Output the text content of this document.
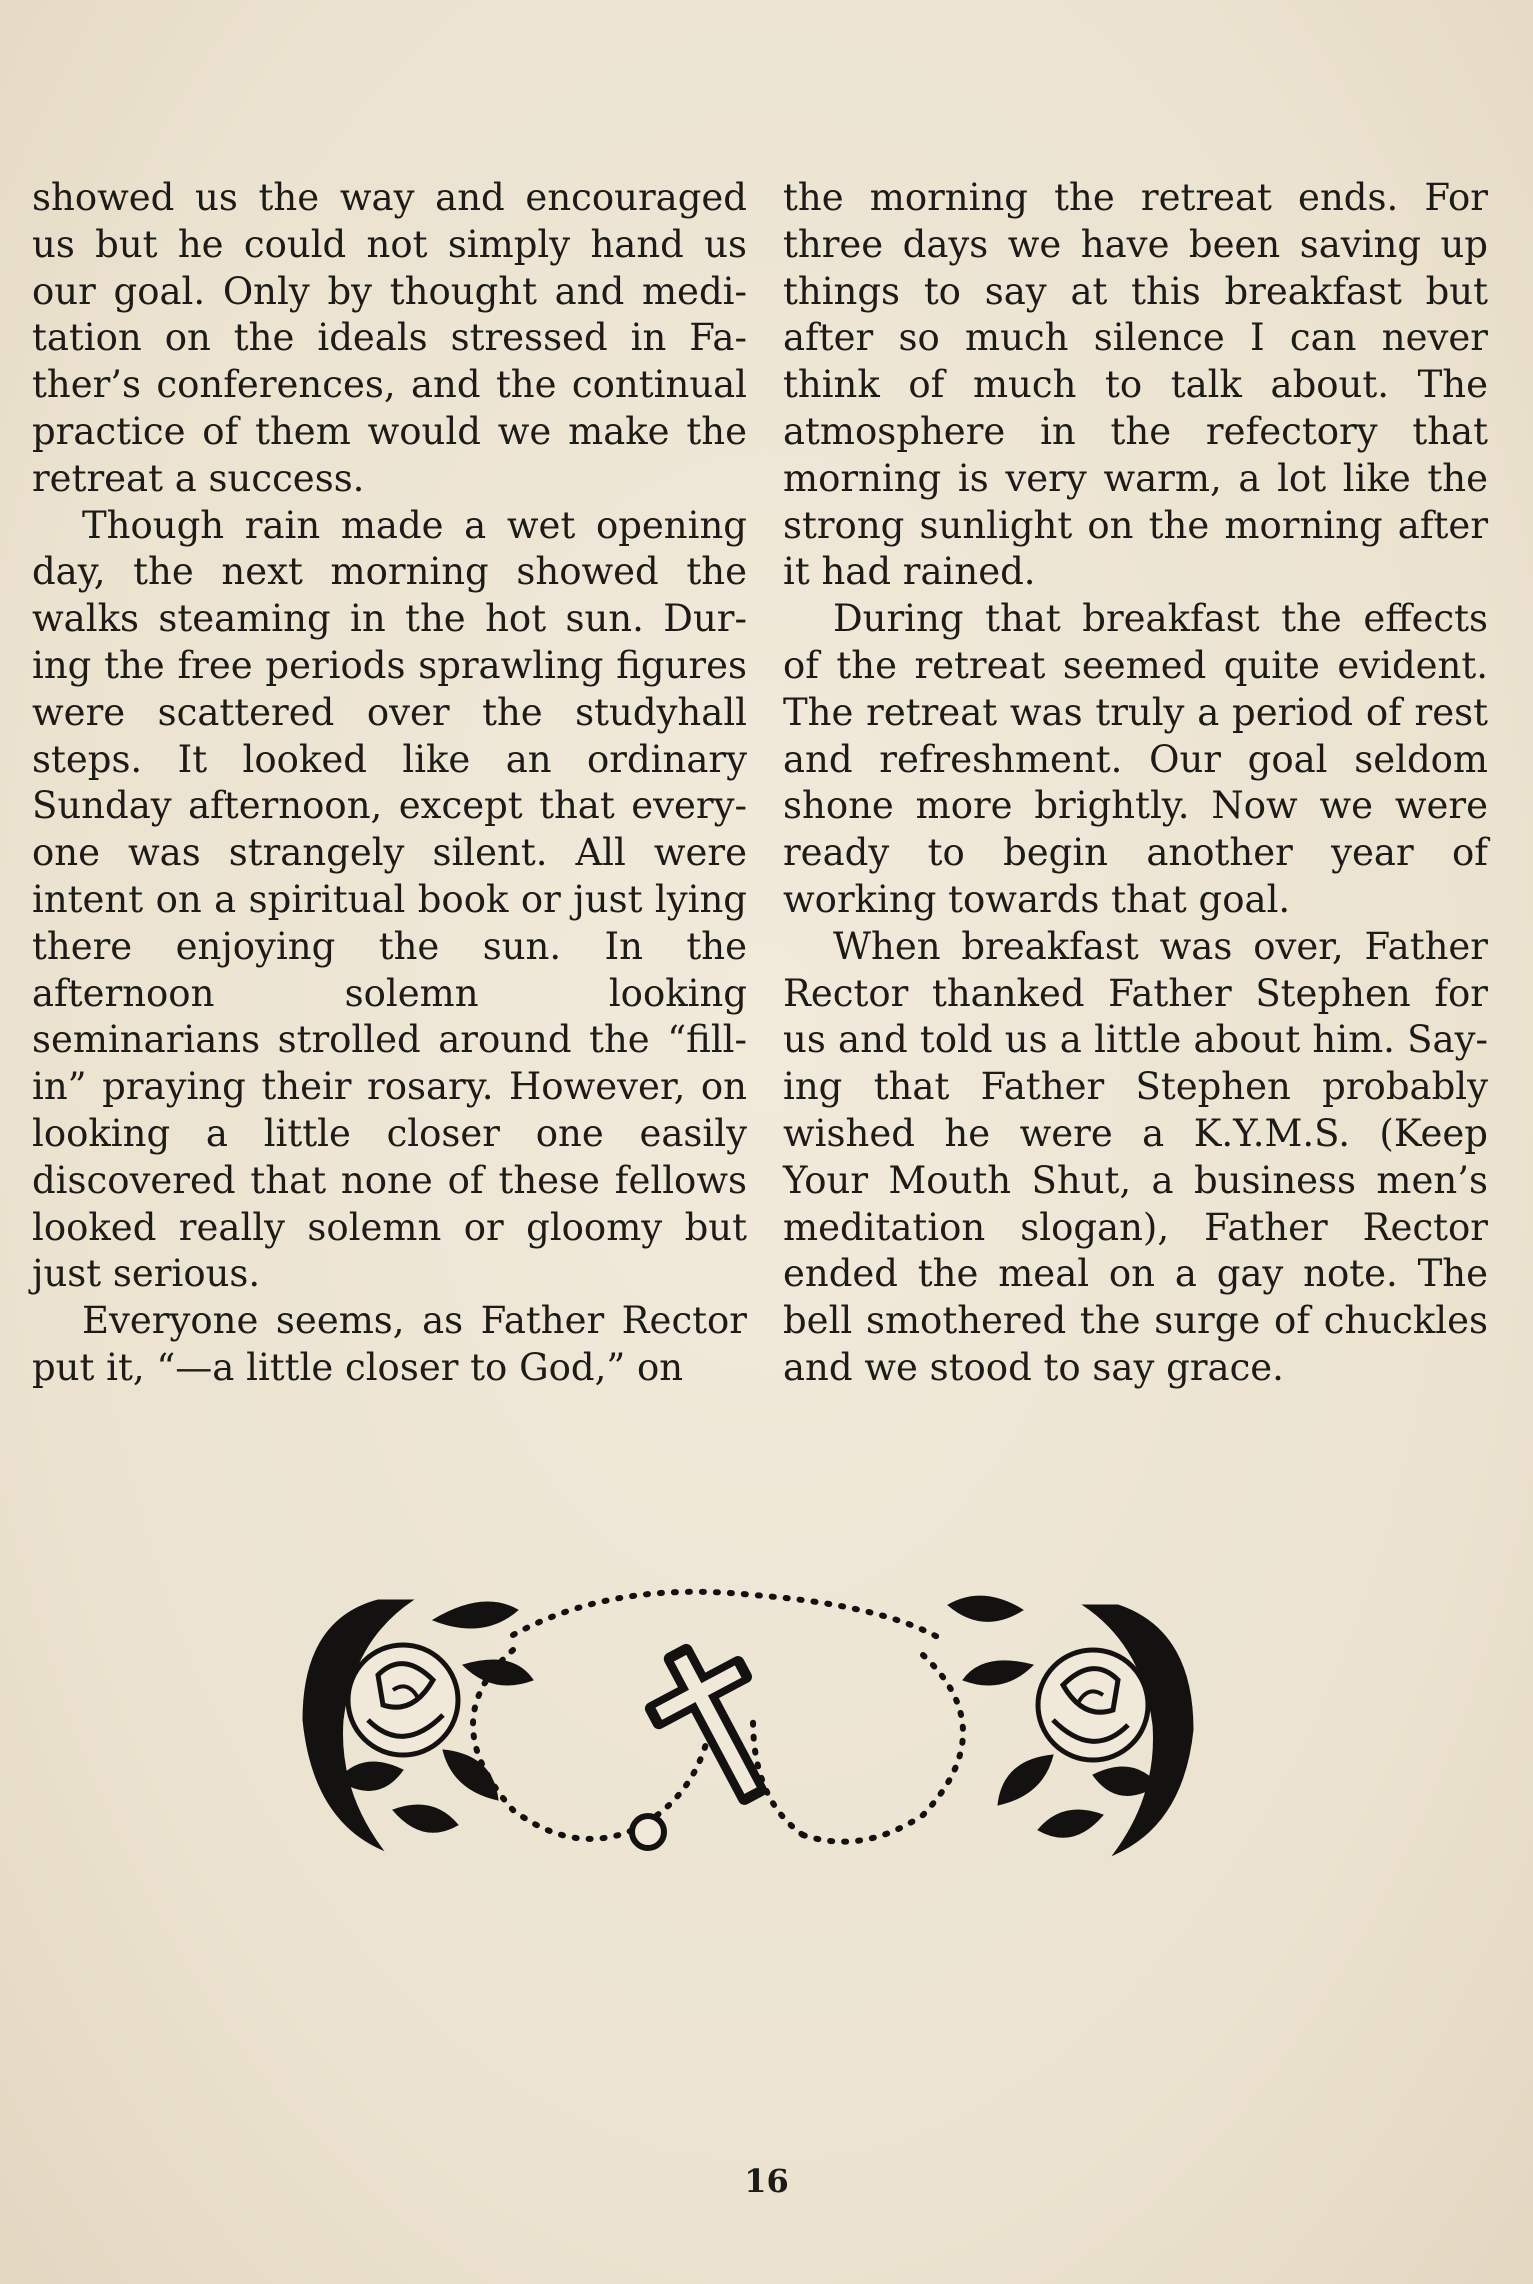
showed us the way and encouraged us but he could not simply hand us our goal. Only by thought and meditation on the ideals stressed in Father’s conferences, and the continual practice of them would we make the retreat a success.

Though rain made a wet opening day, the next morning showed the walks steaming in the hot sun. During the free periods sprawling figures were scattered over the studyhall steps. It looked like an ordinary Sunday afternoon, except that everyone was strangely silent. All were intent on a spiritual book or just lying there enjoying the sun. In the afternoon solemn looking seminarians strolled around the “fill-in” praying their rosary. However, on looking a little closer one easily discovered that none of these fellows looked really solemn or gloomy but just serious.

Everyone seems, as Father Rector put it, “—a little closer to God,” on

the morning the retreat ends. For three days we have been saving up things to say at this breakfast but after so much silence I can never think of much to talk about. The atmosphere in the refectory that morning is very warm, a lot like the strong sunlight on the morning after it had rained.

During that breakfast the effects of the retreat seemed quite evident. The retreat was truly a period of rest and refreshment. Our goal seldom shone more brightly. Now we were ready to begin another year of working towards that goal.

When breakfast was over, Father Rector thanked Father Stephen for us and told us a little about him. Saying that Father Stephen probably wished he were a K.Y.M.S. (Keep Your Mouth Shut, a business men’s meditation slogan), Father Rector ended the meal on a gay note. The bell smothered the surge of chuckles and we stood to say grace.

16
